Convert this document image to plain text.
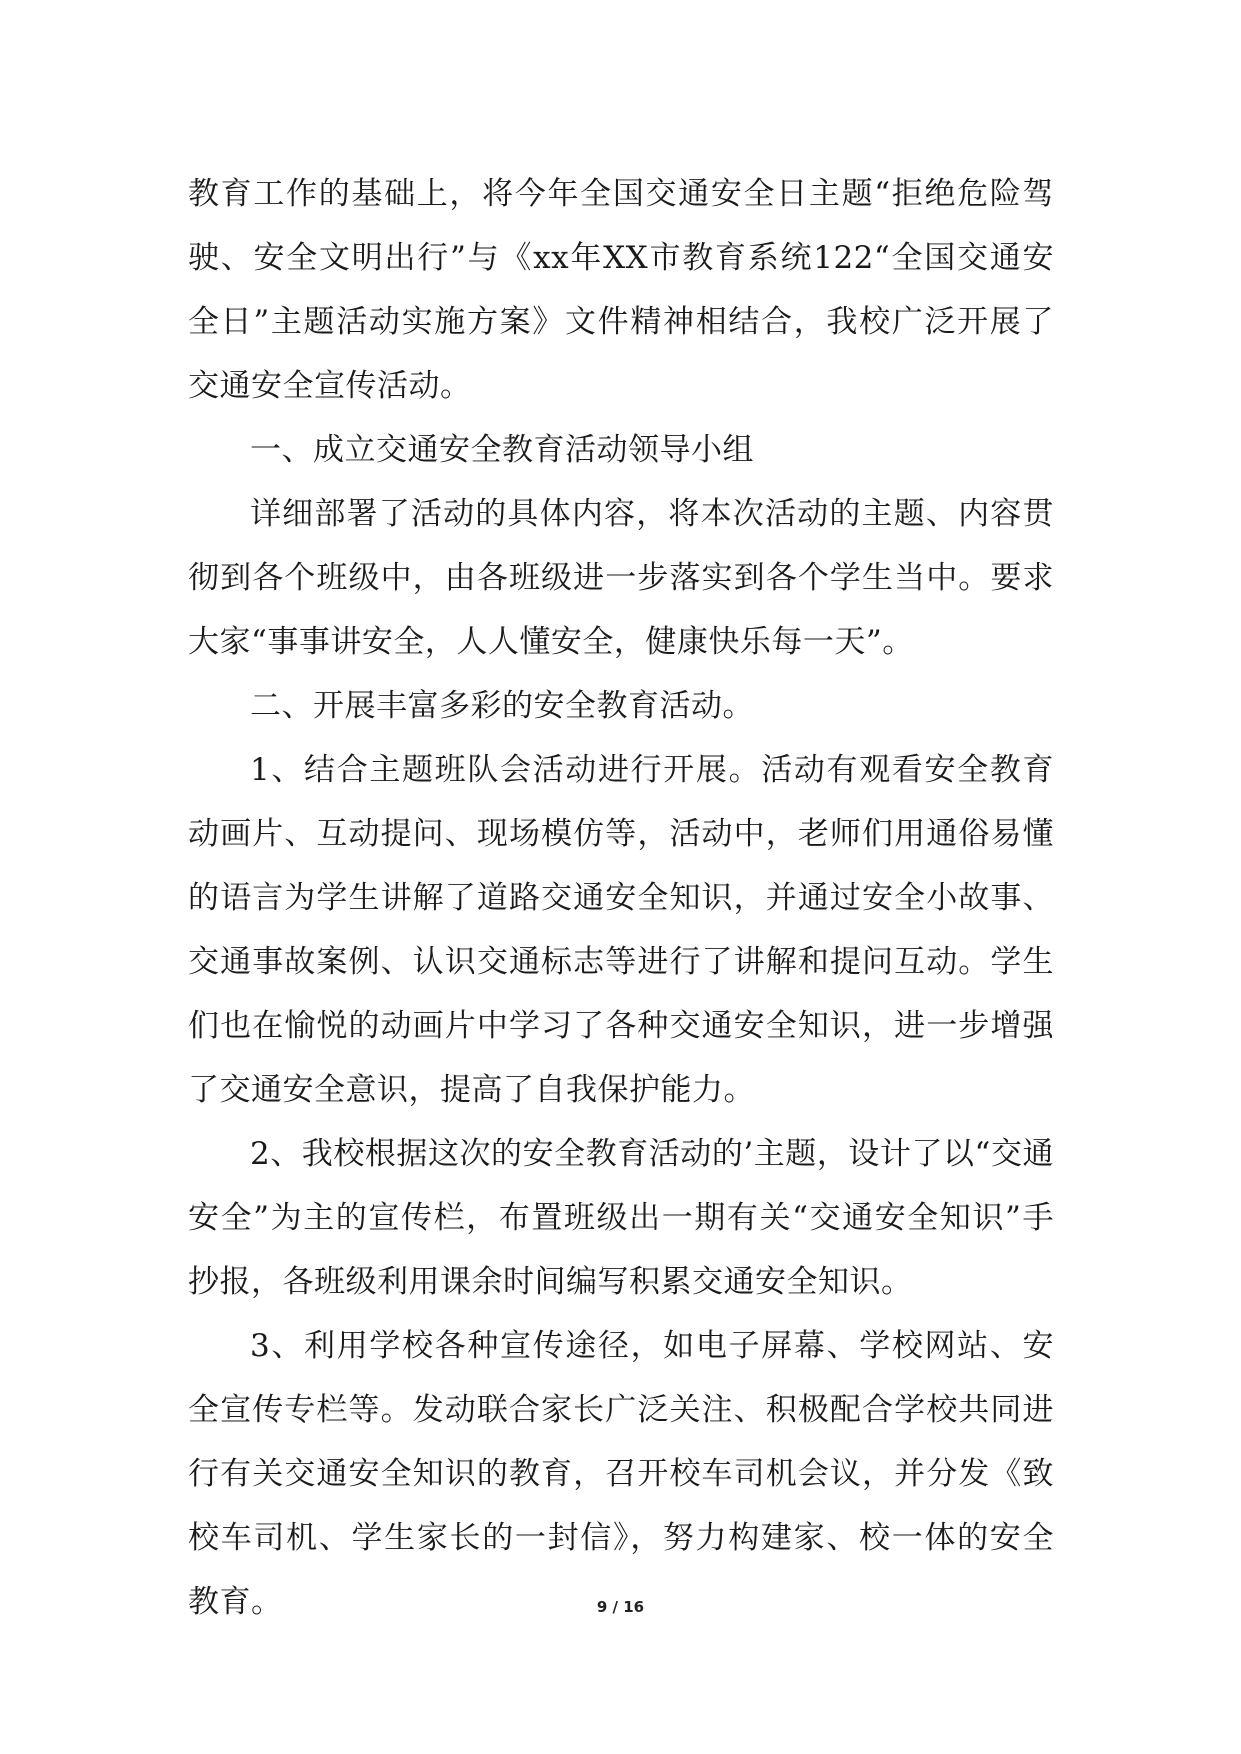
教育工作的基础上，将今年全国交通安全日主题“拒绝危险驾驶、安全文明出行”与《xx年XX市教育系统122“全国交通安全日”主题活动实施方案》文件精神相结合，我校广泛开展了交通安全宣传活动。

一、成立交通安全教育活动领导小组

详细部署了活动的具体内容，将本次活动的主题、内容贯彻到各个班级中，由各班级进一步落实到各个学生当中。要求大家“事事讲安全，人人懂安全，健康快乐每一天”。

二、开展丰富多彩的安全教育活动。

1、结合主题班队会活动进行开展。活动有观看安全教育动画片、互动提问、现场模仿等，活动中，老师们用通俗易懂的语言为学生讲解了道路交通安全知识，并通过安全小故事、交通事故案例、认识交通标志等进行了讲解和提问互动。学生们也在愉悦的动画片中学习了各种交通安全知识，进一步增强了交通安全意识，提高了自我保护能力。

2、我校根据这次的安全教育活动的’主题，设计了以“交通安全”为主的宣传栏，布置班级出一期有关“交通安全知识”手抄报，各班级利用课余时间编写积累交通安全知识。

3、利用学校各种宣传途径，如电子屏幕、学校网站、安全宣传专栏等。发动联合家长广泛关注、积极配合学校共同进行有关交通安全知识的教育，召开校车司机会议，并分发《致校车司机、学生家长的一封信》，努力构建家、校一体的安全教育。	9 / 16
